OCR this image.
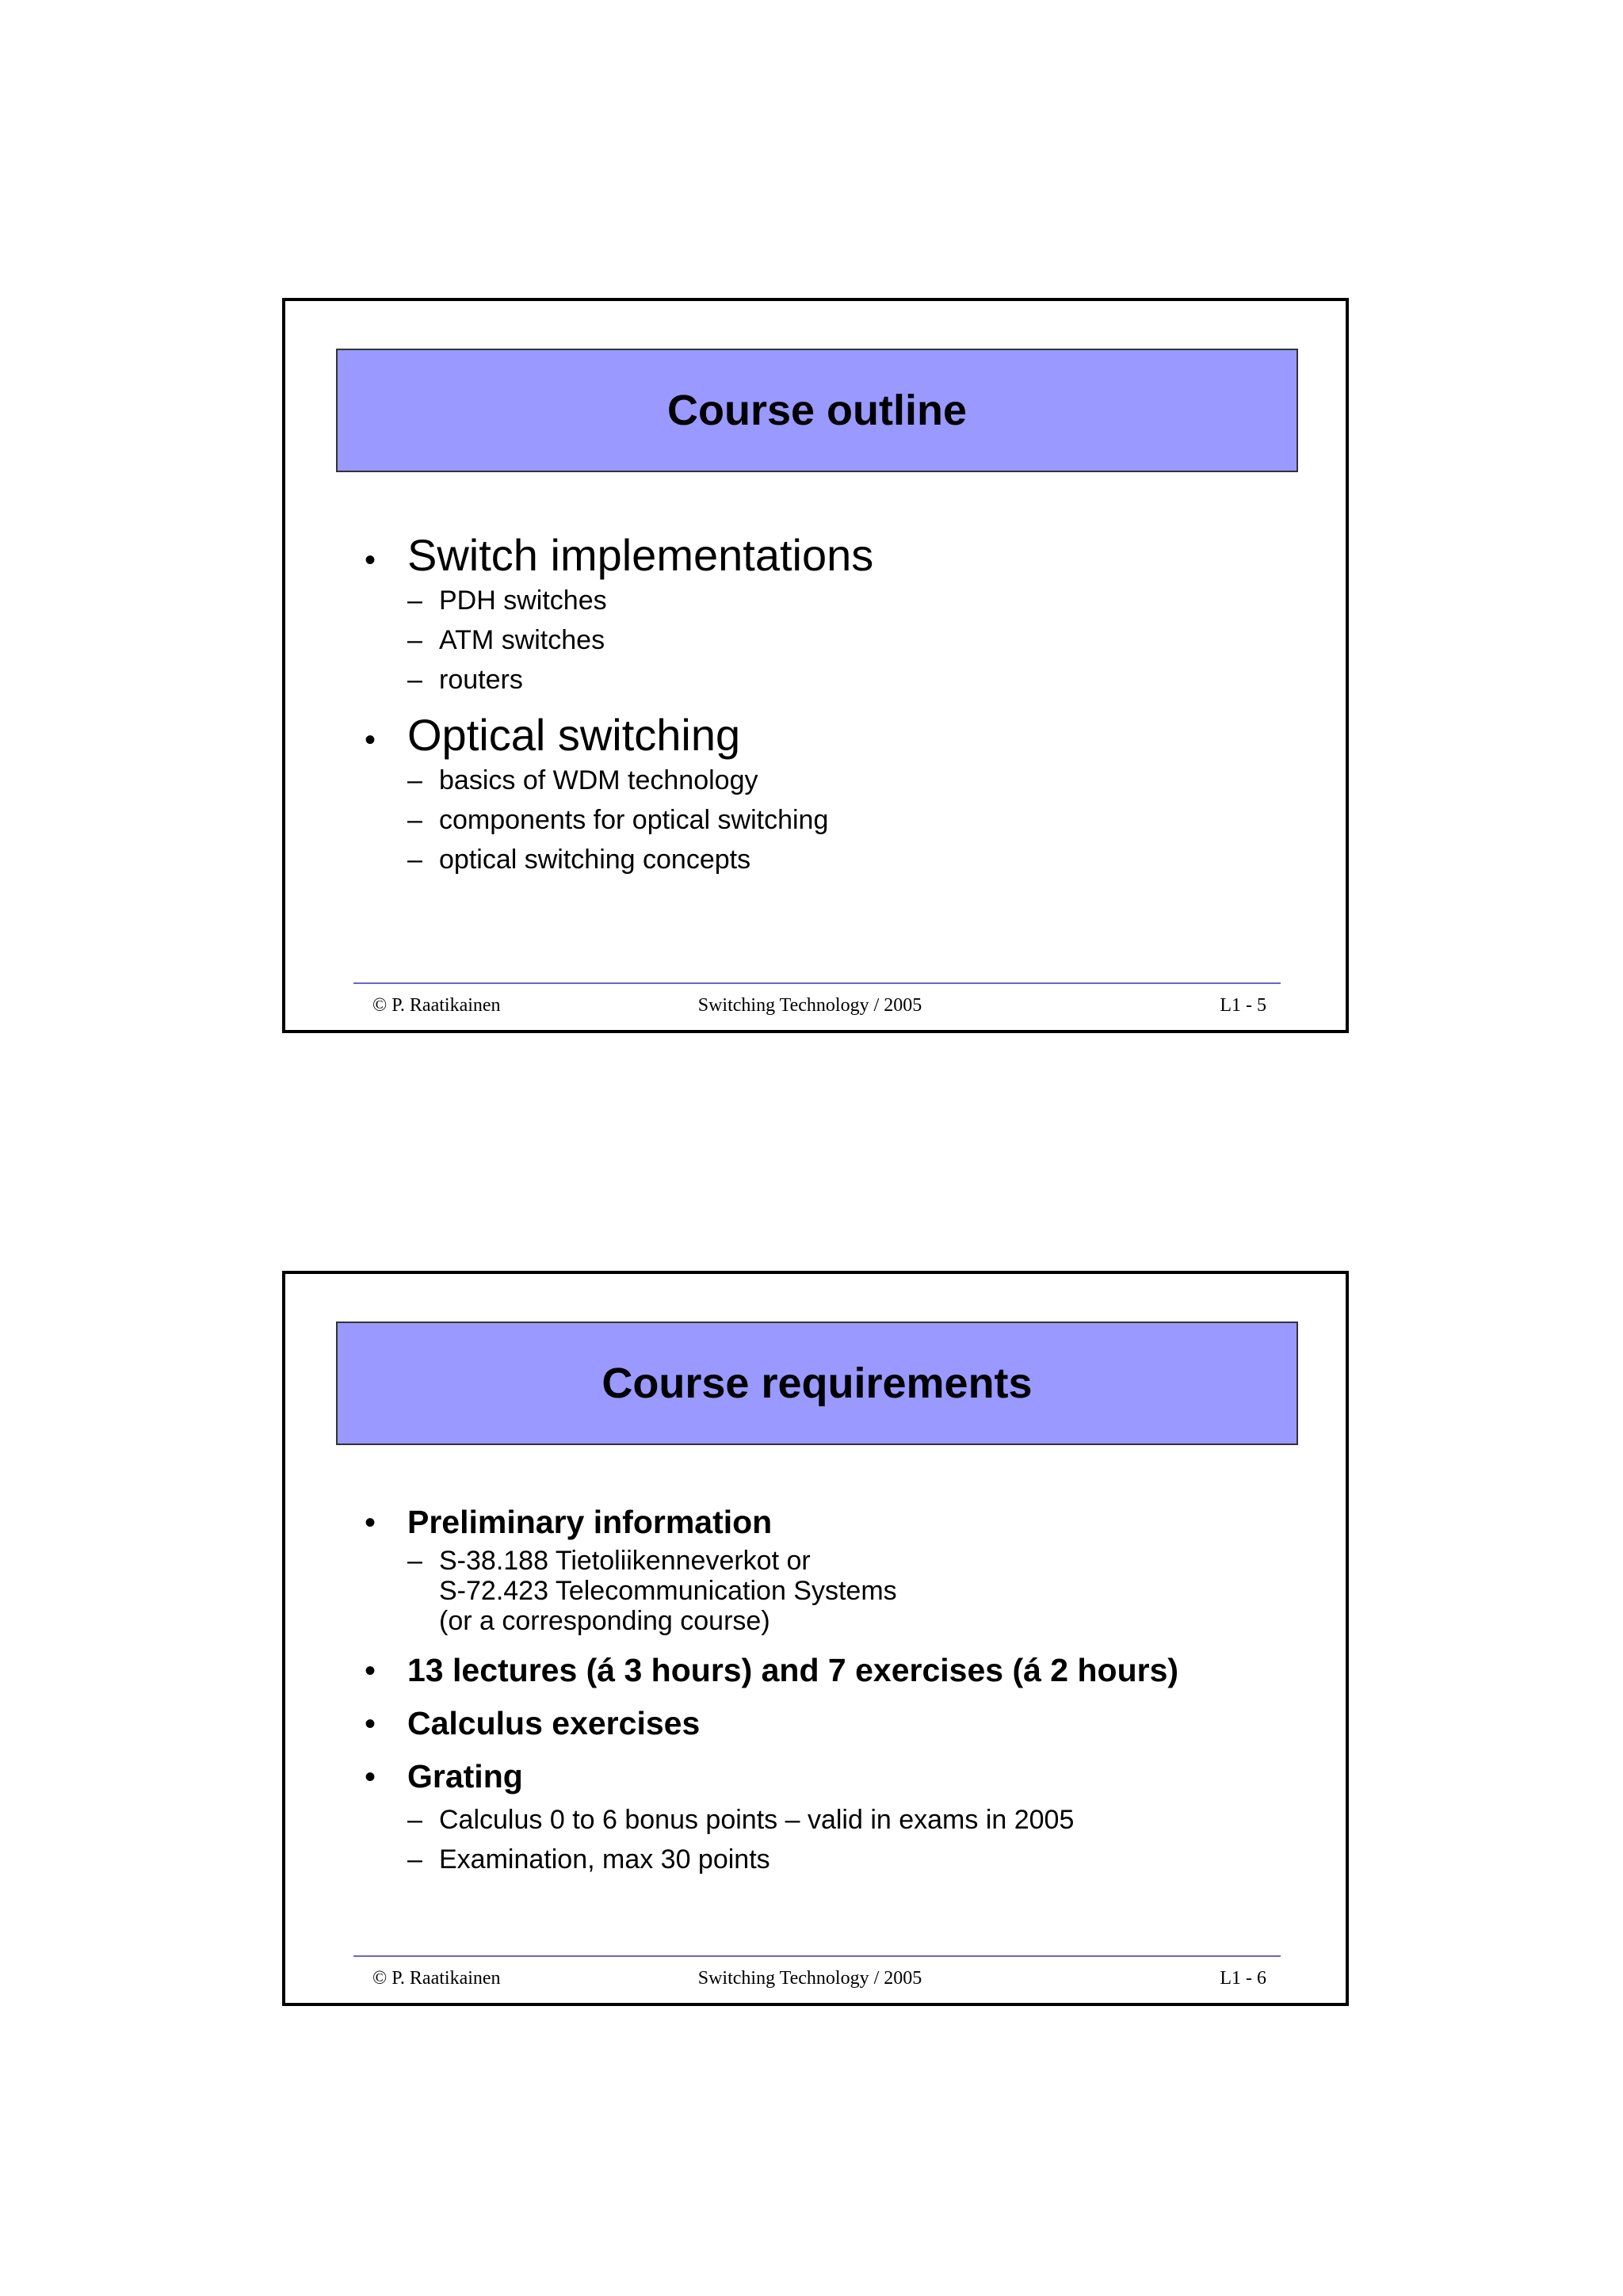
Course outline
• Switch implementations
– PDH switches
– ATM switches
– routers
• Optical switching
– basics of WDM technology
– components for optical switching
– optical switching concepts
© P. Raatikainen	Switching Technology / 2005	L1 - 5
Course requirements
• Preliminary information
– S-38.188 Tietoliikenneverkot or
S-72.423 Telecommunication Systems
(or a corresponding course)
• 13 lectures (á 3 hours) and 7 exercises (á 2 hours)
• Calculus exercises
• Grating
– Calculus 0 to 6 bonus points – valid in exams in 2005
– Examination, max 30 points
© P. Raatikainen	Switching Technology / 2005	L1 - 6
